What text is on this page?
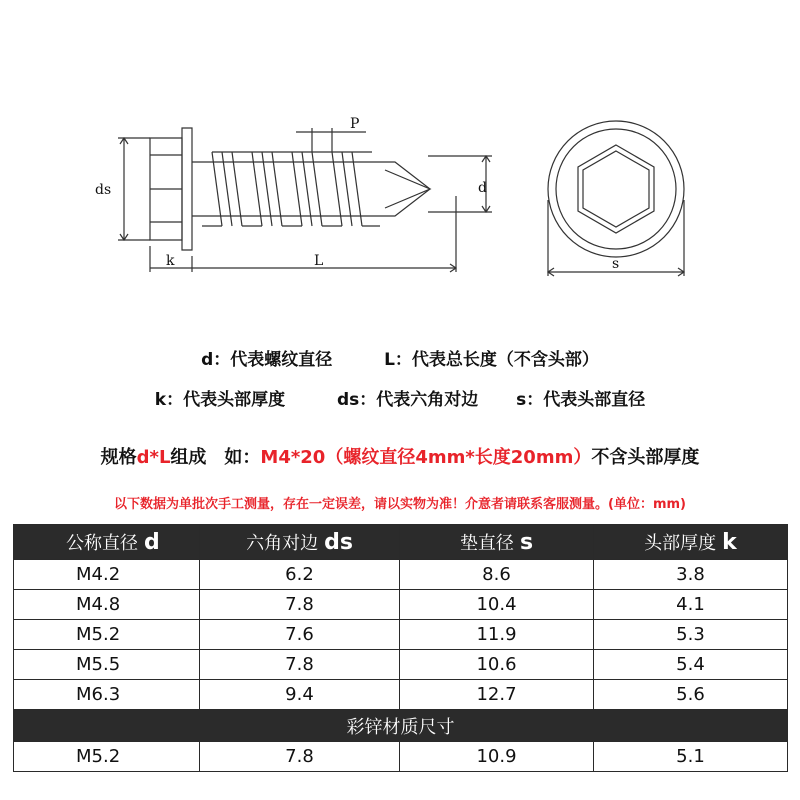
ds
k	L
P
d
s
d：代表螺纹直径	L：代表总长度（不含头部）
k：代表头部厚度	ds：代表六角对边 s：代表头部直径
规格d*L组成　如：M4*20（螺纹直径4mm*长度20mm）不含头部厚度
以下数据为单批次手工测量，存在一定误差，请以实物为准！介意者请联系客服测量。(单位：mm)
公称直径 d	六角对边 ds	垫直径 s	头部厚度 k
M4.2	6.2	8.6	3.8
M4.8	7.8	10.4	4.1
M5.2	7.6	11.9	5.3
M5.5	7.8	10.6	5.4
M6.3	9.4	12.7	5.6
彩锌材质尺寸			
M5.2	7.8	10.9	5.1
